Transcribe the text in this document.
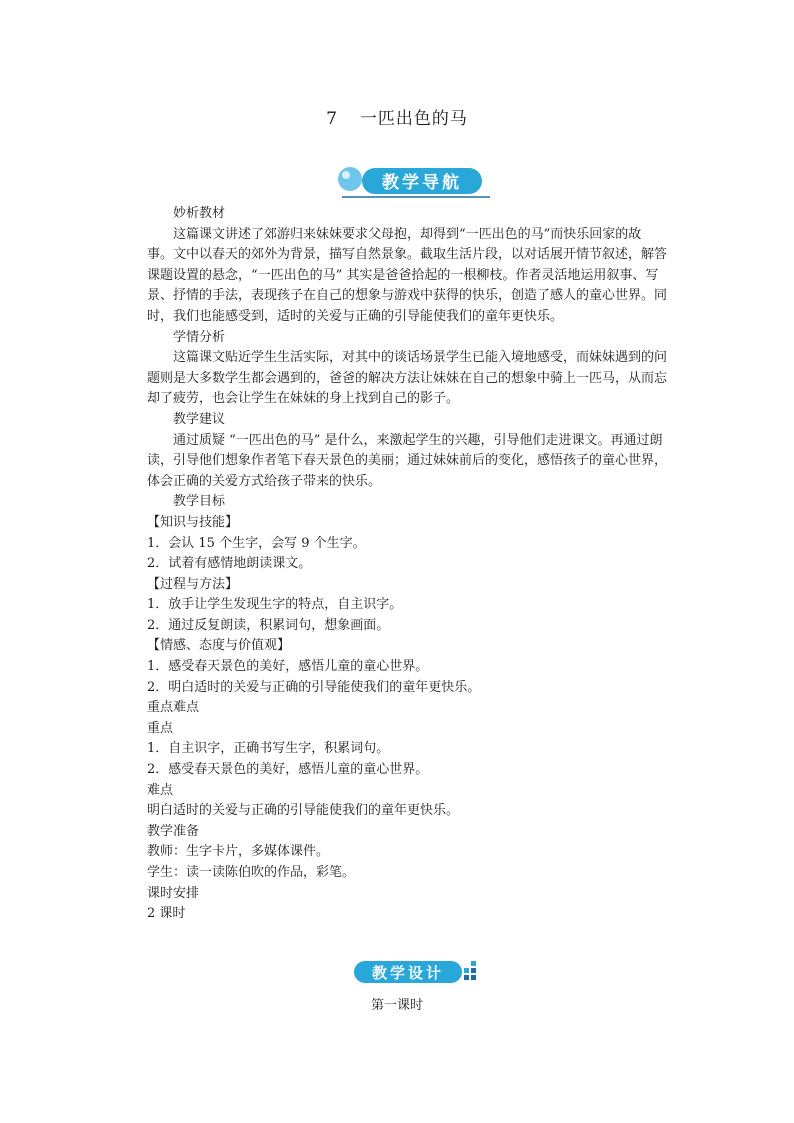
7 一匹出色的马
教学导航

妙析教材

这篇课文讲述了郊游归来妹妹要求父母抱，却得到“一匹出色的马”而快乐回家的故事。文中以春天的郊外为背景，描写自然景象。截取生活片段，以对话展开情节叙述，解答课题设置的悬念，“一匹出色的马” 其实是爸爸拾起的一根柳枝。作者灵活地运用叙事、写景、抒情的手法，表现孩子在自己的想象与游戏中获得的快乐，创造了感人的童心世界。同时，我们也能感受到，适时的关爱与正确的引导能使我们的童年更快乐。

学情分析

这篇课文贴近学生生活实际，对其中的谈话场景学生已能入境地感受，而妹妹遇到的问题则是大多数学生都会遇到的，爸爸的解决方法让妹妹在自己的想象中骑上一匹马，从而忘却了疲劳，也会让学生在妹妹的身上找到自己的影子。

教学建议

通过质疑 “一匹出色的马” 是什么，来激起学生的兴趣，引导他们走进课文。再通过朗读，引导他们想象作者笔下春天景色的美丽；通过妹妹前后的变化，感悟孩子的童心世界，体会正确的关爱方式给孩子带来的快乐。

教学目标

【知识与技能】

1．会认 15 个生字，会写 9 个生字。

2．试着有感情地朗读课文。

【过程与方法】

1．放手让学生发现生字的特点，自主识字。

2．通过反复朗读，积累词句，想象画面。

【情感、态度与价值观】

1．感受春天景色的美好，感悟儿童的童心世界。

2．明白适时的关爱与正确的引导能使我们的童年更快乐。

重点难点

重点

1．自主识字，正确书写生字，积累词句。

2．感受春天景色的美好，感悟儿童的童心世界。

难点

明白适时的关爱与正确的引导能使我们的童年更快乐。

教学准备

教师：生字卡片，多媒体课件。

学生：读一读陈伯吹的作品，彩笔。

课时安排

2 课时

教学设计
第一课时
